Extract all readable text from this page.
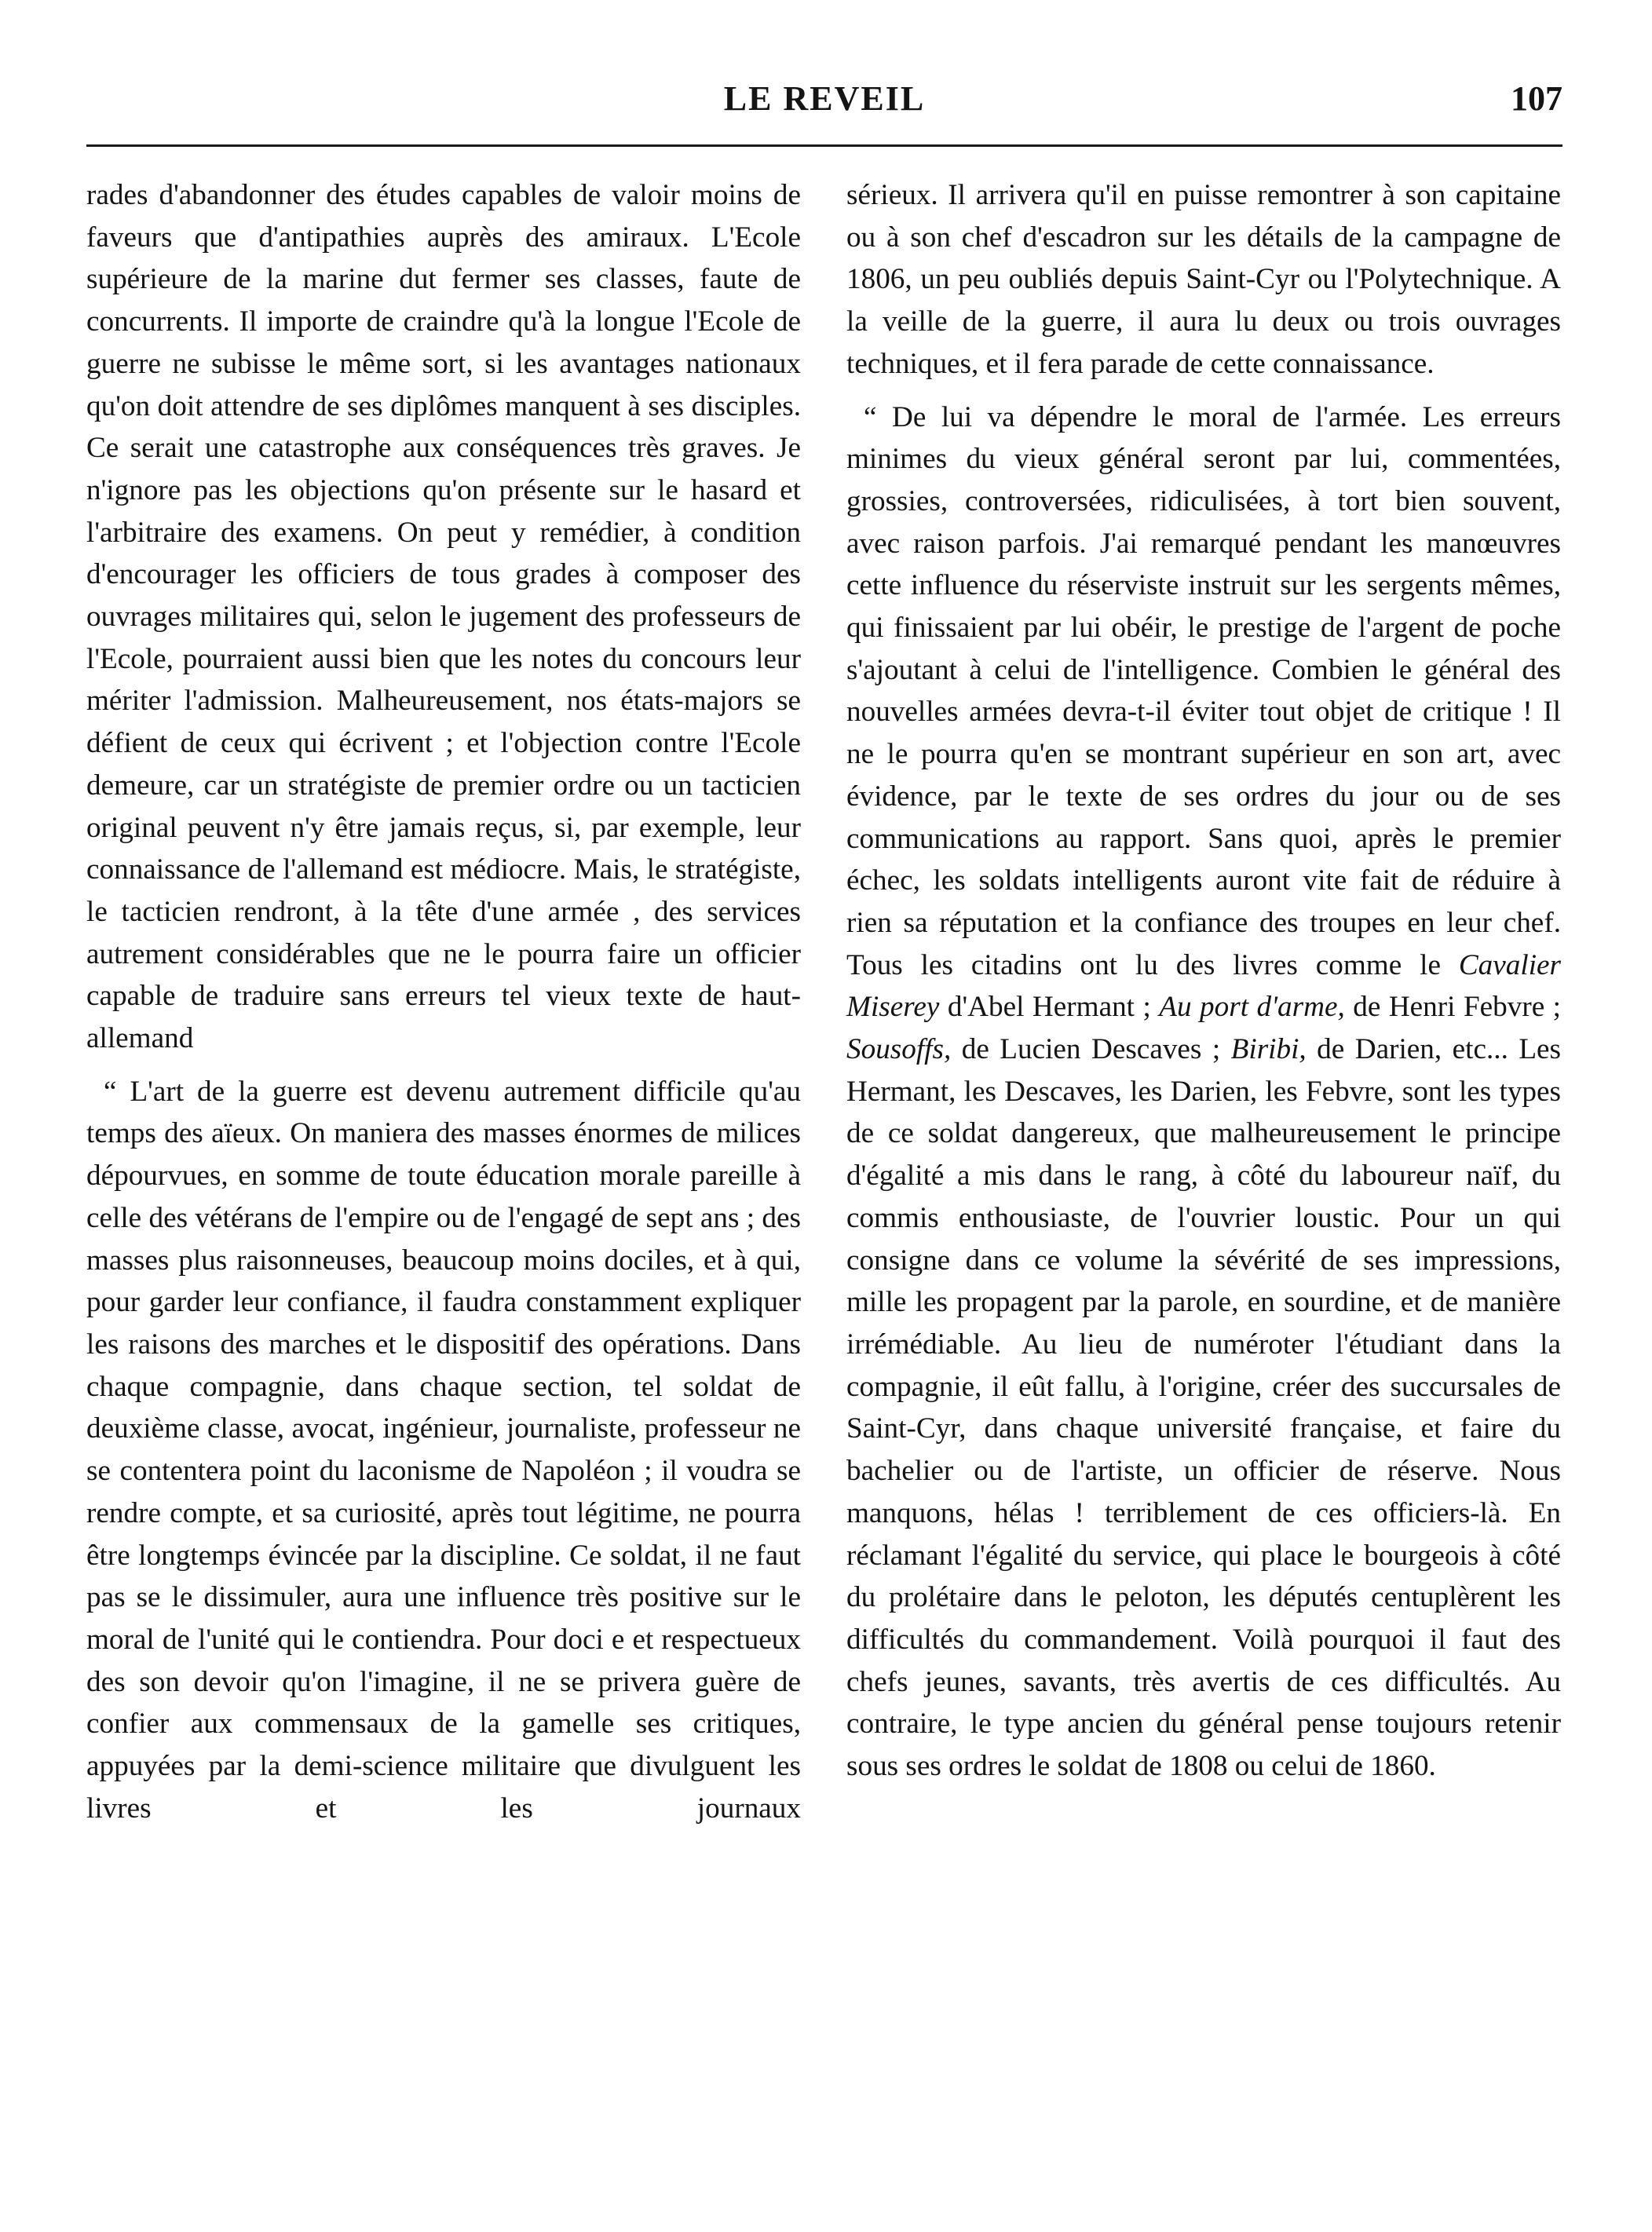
LE REVEIL	107

rades d'abandonner des études capables de valoir moins de faveurs que d'antipathies auprès des amiraux. L'Ecole supérieure de la marine dut fermer ses classes, faute de concurrents. Il importe de craindre qu'à la longue l'Ecole de guerre ne subisse le même sort, si les avantages nationaux qu'on doit attendre de ses diplômes manquent à ses disciples. Ce serait une catastrophe aux conséquences très graves. Je n'ignore pas les objections qu'on présente sur le hasard et l'arbitraire des examens. On peut y remédier, à condition d'encourager les officiers de tous grades à composer des ouvrages militaires qui, selon le jugement des professeurs de l'Ecole, pourraient aussi bien que les notes du concours leur mériter l'admission. Malheureusement, nos états-majors se défient de ceux qui écrivent ; et l'objection contre l'Ecole demeure, car un stratégiste de premier ordre ou un tacticien original peuvent n'y être jamais reçus, si, par exemple, leur connaissance de l'allemand est médiocre. Mais, le stratégiste, le tacticien rendront, à la tête d'une armée , des services autrement considérables que ne le pourra faire un officier capable de traduire sans erreurs tel vieux texte de haut-allemand

“ L'art de la guerre est devenu autrement difficile qu'au temps des aïeux. On maniera des masses énormes de milices dépourvues, en somme de toute éducation morale pareille à celle des vétérans de l'empire ou de l'engagé de sept ans ; des masses plus raisonneuses, beaucoup moins dociles, et à qui, pour garder leur confiance, il faudra constamment expliquer les raisons des marches et le dispositif des opérations. Dans chaque compagnie, dans chaque section, tel soldat de deuxième classe, avocat, ingénieur, journaliste, professeur ne se contentera point du laconisme de Napoléon ; il voudra se rendre compte, et sa curiosité, après tout légitime, ne pourra être longtemps évincée par la discipline. Ce soldat, il ne faut pas se le dissimuler, aura une influence très positive sur le moral de l'unité qui le contiendra. Pour doci e et respectueux des son devoir qu'on l'imagine, il ne se privera guère de confier aux commensaux de la gamelle ses critiques, appuyées par la demi-science militaire que divulguent les livres et les journaux

sérieux. Il arrivera qu'il en puisse remontrer à son capitaine ou à son chef d'escadron sur les détails de la campagne de 1806, un peu oubliés depuis Saint-Cyr ou l'Polytechnique. A la veille de la guerre, il aura lu deux ou trois ouvrages techniques, et il fera parade de cette connaissance.

“ De lui va dépendre le moral de l'armée. Les erreurs minimes du vieux général seront par lui, commentées, grossies, controversées, ridiculisées, à tort bien souvent, avec raison parfois. J'ai remarqué pendant les manœuvres cette influence du réserviste instruit sur les sergents mêmes, qui finissaient par lui obéir, le prestige de l'argent de poche s'ajoutant à celui de l'intelligence. Combien le général des nouvelles armées devra-t-il éviter tout objet de critique ! Il ne le pourra qu'en se montrant supérieur en son art, avec évidence, par le texte de ses ordres du jour ou de ses communications au rapport. Sans quoi, après le premier échec, les soldats intelligents auront vite fait de réduire à rien sa réputation et la confiance des troupes en leur chef. Tous les citadins ont lu des livres comme le Cavalier Miserey d'Abel Hermant ; Au port d'arme, de Henri Febvre ; Sousoffs, de Lucien Descaves ; Biribi, de Darien, etc... Les Hermant, les Descaves, les Darien, les Febvre, sont les types de ce soldat dangereux, que malheureusement le principe d'égalité a mis dans le rang, à côté du laboureur naïf, du commis enthousiaste, de l'ouvrier loustic. Pour un qui consigne dans ce volume la sévérité de ses impressions, mille les propagent par la parole, en sourdine, et de manière irrémédiable. Au lieu de numéroter l'étudiant dans la compagnie, il eût fallu, à l'origine, créer des succursales de Saint-Cyr, dans chaque université française, et faire du bachelier ou de l'artiste, un officier de réserve. Nous manquons, hélas ! terriblement de ces officiers-là. En réclamant l'égalité du service, qui place le bourgeois à côté du prolétaire dans le peloton, les députés centuplèrent les difficultés du commandement. Voilà pourquoi il faut des chefs jeunes, savants, très avertis de ces difficultés. Au contraire, le type ancien du général pense toujours retenir sous ses ordres le soldat de 1808 ou celui de 1860.
